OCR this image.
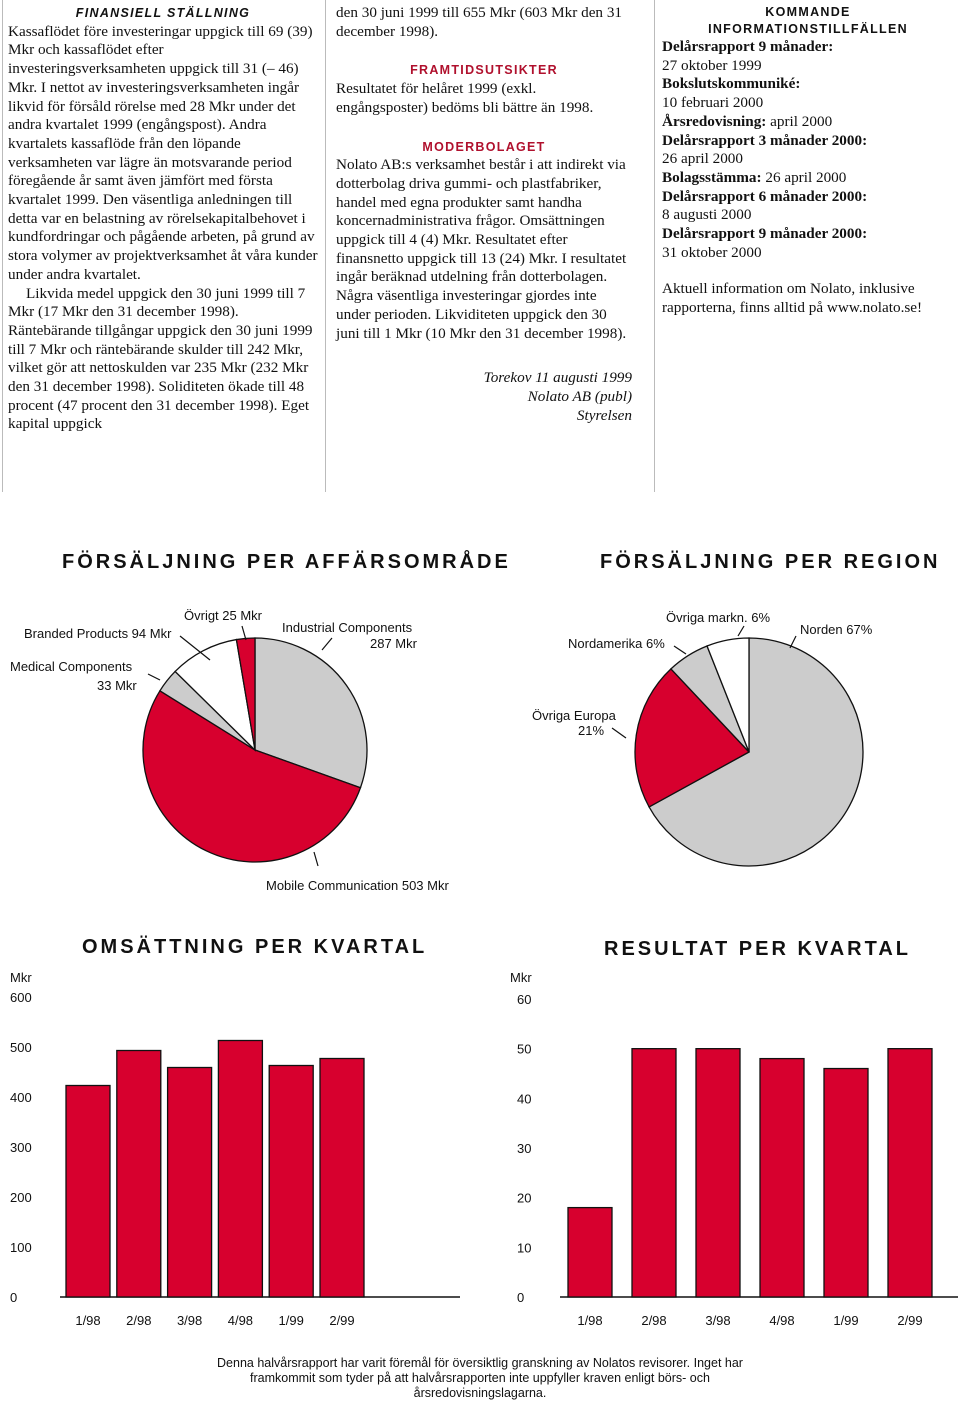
FINANSIELL STÄLLNING

Kassaflödet före investeringar uppgick till 69 (39) Mkr och kassaflödet efter investeringsverksamheten uppgick till 31 (– 46) Mkr. I nettot av investeringsverksamheten ingår likvid för försåld rörelse med 28 Mkr under det andra kvartalet 1999 (engångspost). Andra kvartalets kassaflöde från den löpande verksamheten var lägre än motsvarande period föregående år samt även jämfört med första kvartalet 1999. Den väsentliga anledningen till detta var en belastning av rörelsekapitalbehovet i kundfordringar och pågående arbeten, på grund av stora volymer av projektverksamhet åt våra kunder under andra kvartalet.

Likvida medel uppgick den 30 juni 1999 till 7 Mkr (17 Mkr den 31 december 1998). Räntebärande tillgångar uppgick den 30 juni 1999 till 7 Mkr och räntebärande skulder till 242 Mkr, vilket gör att nettoskulden var 235 Mkr (232 Mkr den 31 december 1998). Soliditeten ökade till 48 procent (47 procent den 31 december 1998). Eget kapital uppgick

den 30 juni 1999 till 655 Mkr (603 Mkr den 31 december 1998).

FRAMTIDSUTSIKTER

Resultatet för helåret 1999 (exkl. engångsposter) bedöms bli bättre än 1998.

MODERBOLAGET

Nolato AB:s verksamhet består i att indirekt via dotterbolag driva gummi- och plastfabriker, handel med egna produkter samt handha koncernadministrativa frågor. Omsättningen uppgick till 4 (4) Mkr. Resultatet efter finansnetto uppgick till 13 (24) Mkr. I resultatet ingår beräknad utdelning från dotterbolagen. Några väsentliga investeringar gjordes inte under perioden. Likviditeten uppgick den 30 juni till 1 Mkr (10 Mkr den 31 december 1998).

Torekov 11 augusti 1999
Nolato AB (publ)
Styrelsen

KOMMANDE

INFORMATIONSTILLFÄLLEN

Delårsrapport 9 månader:
27 oktober 1999
Bokslutskommuniké:
10 februari 2000
Årsredovisning: april 2000
Delårsrapport 3 månader 2000:
26 april 2000
Bolagsstämma: 26 april 2000
Delårsrapport 6 månader 2000:
8 augusti 2000
Delårsrapport 9 månader 2000:
31 oktober 2000

Aktuell information om Nolato, inklusive rapporterna, finns alltid på www.nolato.se!

FÖRSÄLJNING PER AFFÄRSOMRÅDE	FÖRSÄLJNING PER REGION
OMSÄTTNING PER KVARTAL	RESULTAT PER KVARTAL
Branded Products 94 Mkr
Övrigt 25 Mkr
Industrial Components
287 Mkr
Medical Components
33 Mkr
Mobile Communication 503 Mkr
Övriga markn. 6%
Norden 67%
Nordamerika 6%
Övriga Europa
21%
Mkr	Mkr
0
100
200
300
400
500
600
1/98 2/98 3/98 4/98 1/99 2/99
0
10
20
30
40
50
60
1/98	2/98	3/98	4/98	1/99	2/99
Denna halvårsrapport har varit föremål för översiktlig granskning av Nolatos revisorer. Inget har framkommit som tyder på att halvårsrapporten inte uppfyller kraven enligt börs- och årsredovisningslagarna.
